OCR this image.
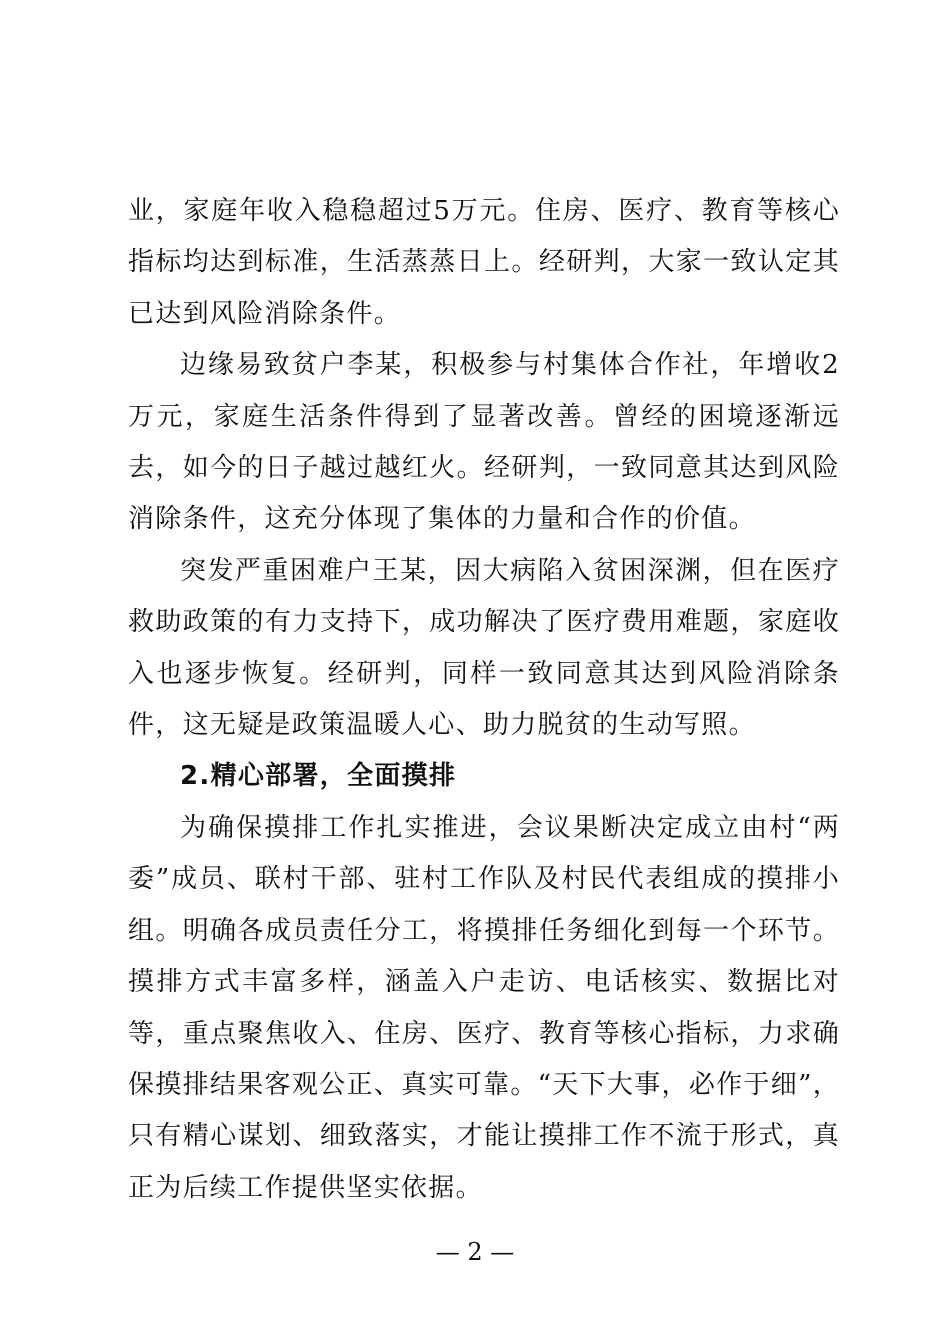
业，家庭年收入稳稳超过5万元。住房、医疗、教育等核心指标均达到标准，生活蒸蒸日上。经研判，大家一致认定其已达到风险消除条件。

边缘易致贫户李某，积极参与村集体合作社，年增收2万元，家庭生活条件得到了显著改善。曾经的困境逐渐远去，如今的日子越过越红火。经研判，一致同意其达到风险消除条件，这充分体现了集体的力量和合作的价值。

突发严重困难户王某，因大病陷入贫困深渊，但在医疗救助政策的有力支持下，成功解决了医疗费用难题，家庭收入也逐步恢复。经研判，同样一致同意其达到风险消除条件，这无疑是政策温暖人心、助力脱贫的生动写照。

2.精心部署，全面摸排

为确保摸排工作扎实推进，会议果断决定成立由村“两委”成员、联村干部、驻村工作队及村民代表组成的摸排小组。明确各成员责任分工，将摸排任务细化到每一个环节。摸排方式丰富多样，涵盖入户走访、电话核实、数据比对等，重点聚焦收入、住房、医疗、教育等核心指标，力求确保摸排结果客观公正、真实可靠。“天下大事，必作于细”，只有精心谋划、细致落实，才能让摸排工作不流于形式，真正为后续工作提供坚实依据。

— 2 —
